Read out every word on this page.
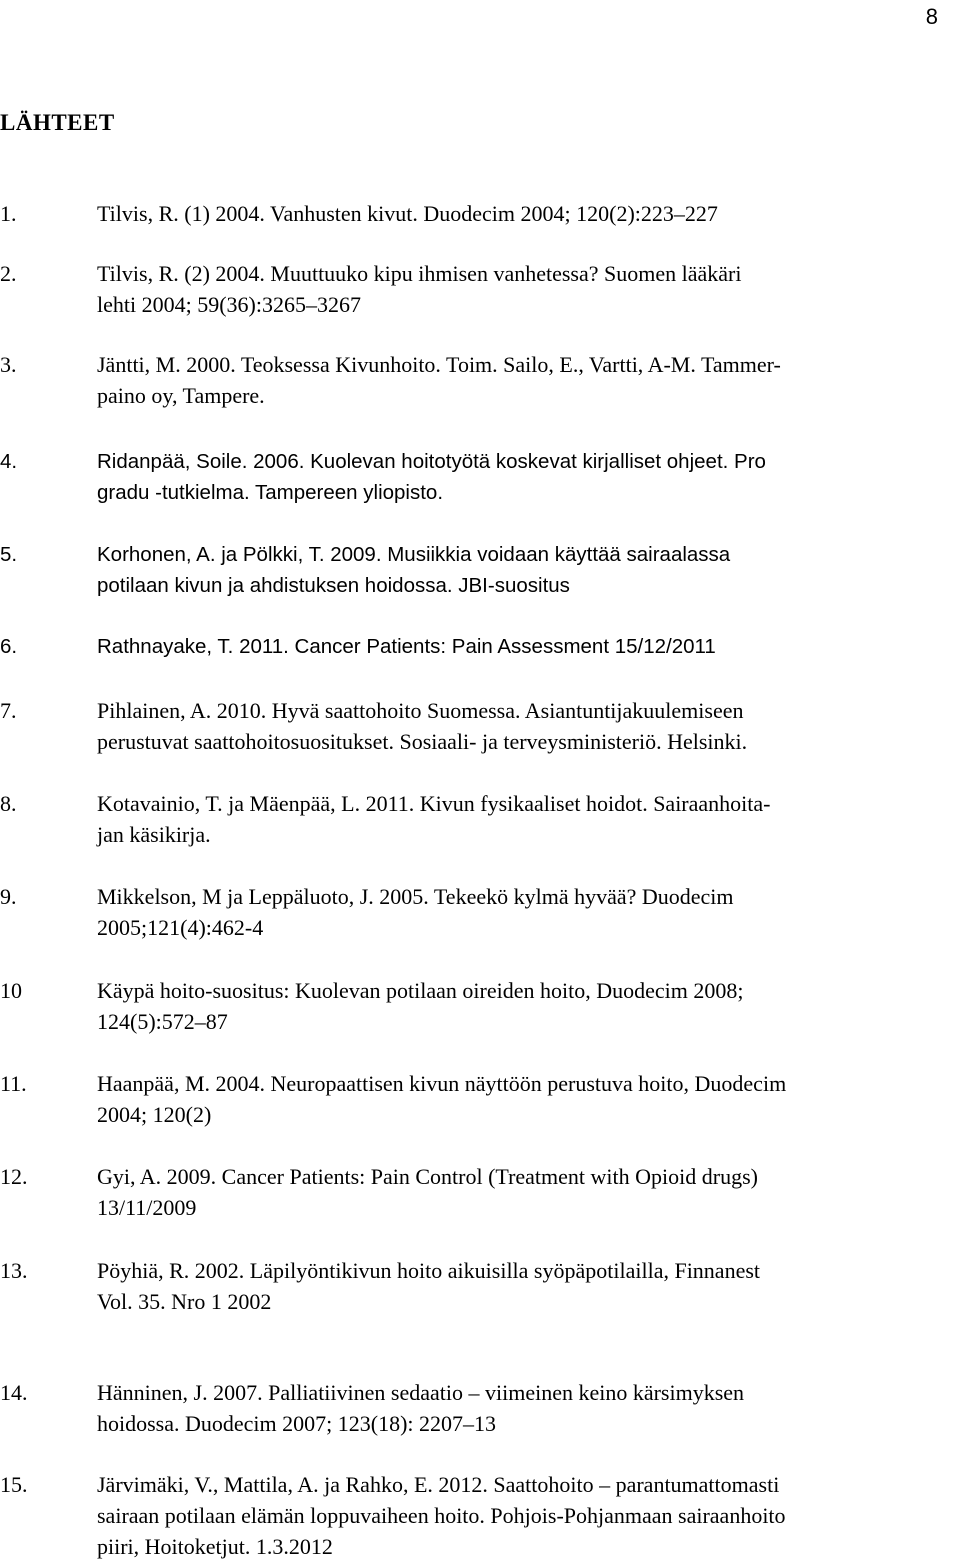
8
LÄHTEET
1.	Tilvis, R. (1) 2004. Vanhusten kivut. Duodecim 2004; 120(2):223–227
2.	Tilvis, R. (2) 2004. Muuttuuko kipu ihmisen vanhetessa? Suomen lääkäri
lehti 2004; 59(36):3265–3267
3.	Jäntti, M. 2000. Teoksessa Kivunhoito. Toim. Sailo, E., Vartti, A-M. Tammer-
paino oy, Tampere.
4.	Ridanpää, Soile. 2006. Kuolevan hoitotyötä koskevat kirjalliset ohjeet. Pro
gradu -tutkielma. Tampereen yliopisto.
5.	Korhonen, A. ja Pölkki, T. 2009. Musiikkia voidaan käyttää sairaalassa
potilaan kivun ja ahdistuksen hoidossa. JBI-suositus
6.	Rathnayake, T. 2011. Cancer Patients: Pain Assessment 15/12/2011
7.	Pihlainen, A. 2010. Hyvä saattohoito Suomessa. Asiantuntijakuulemiseen
perustuvat saattohoitosuositukset. Sosiaali- ja terveysministeriö. Helsinki.
8.	Kotavainio, T. ja Mäenpää, L. 2011. Kivun fysikaaliset hoidot. Sairaanhoita-
jan käsikirja.
9.	Mikkelson, M ja Leppäluoto, J. 2005. Tekeekö kylmä hyvää? Duodecim
2005;121(4):462-4
10	Käypä hoito-suositus: Kuolevan potilaan oireiden hoito, Duodecim 2008;
124(5):572–87
11.	Haanpää, M. 2004. Neuropaattisen kivun näyttöön perustuva hoito, Duodecim
2004; 120(2)
12.	Gyi, A. 2009. Cancer Patients: Pain Control (Treatment with Opioid drugs)
13/11/2009
13.	Pöyhiä, R. 2002. Läpilyöntikivun hoito aikuisilla syöpäpotilailla, Finnanest
Vol. 35. Nro 1 2002
14.	Hänninen, J. 2007. Palliatiivinen sedaatio – viimeinen keino kärsimyksen
hoidossa. Duodecim 2007; 123(18): 2207–13
15.	Järvimäki, V., Mattila, A. ja Rahko, E. 2012. Saattohoito – parantumattomasti
sairaan potilaan elämän loppuvaiheen hoito. Pohjois-Pohjanmaan sairaanhoito
piiri, Hoitoketjut. 1.3.2012
